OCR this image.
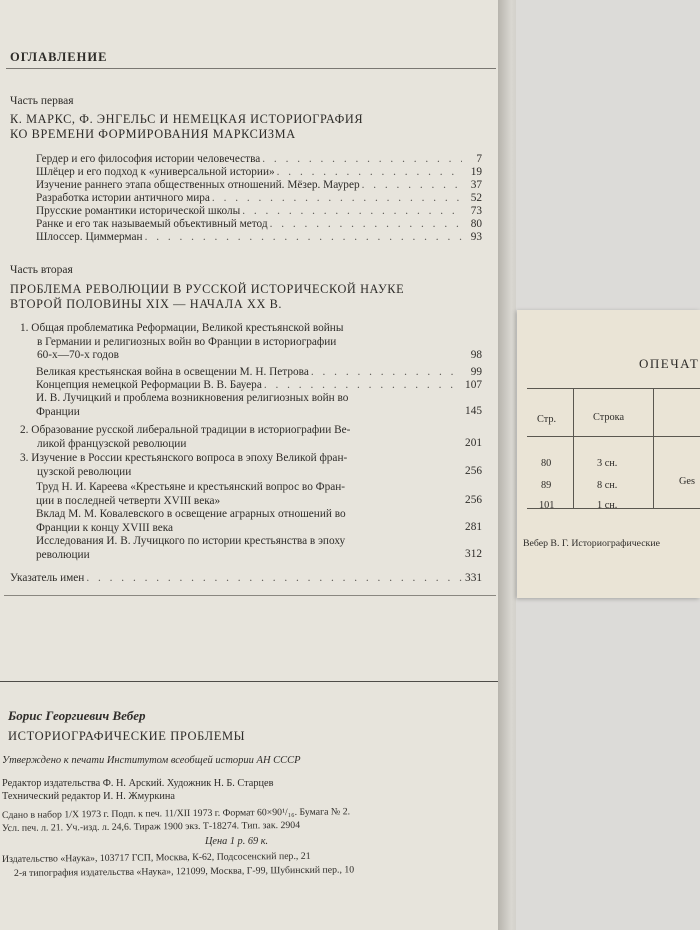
ОГЛАВЛЕНИЕ
Часть первая
К. МАРКС, Ф. ЭНГЕЛЬС И НЕМЕЦКАЯ ИСТОРИОГРАФИЯ
КО ВРЕМЕНИ ФОРМИРОВАНИЯ МАРКСИЗМА
Гердер и его философия истории человечества . . .	7
Шлёцер и его подход к «универсальной истории» . . .	19
Изучение раннего этапа общественных отношений. Мёзер. Маурер . . .	37
Разработка истории античного мира . . .	52
Прусские романтики исторической школы . . .	73
Ранке и его так называемый объективный метод . . .	80
Шлоссер. Циммерман . . .	93
Часть вторая
ПРОБЛЕМА РЕВОЛЮЦИИ В РУССКОЙ ИСТОРИЧЕСКОЙ НАУКЕ
ВТОРОЙ ПОЛОВИНЫ XIX — НАЧАЛА XX В.
1. Общая проблематика Реформации, Великой крестьянской войны
в Германии и религиозных войн во Франции в историографии
60-х—70-х годов	98
Великая крестьянская война в освещении М. Н. Петрова . . .	99
Концепция немецкой Реформации В. В. Бауера . . .	107
И. В. Лучицкий и проблема возникновения религиозных войн во
Франции	145
2. Образование русской либеральной традиции в историографии Ве-
ликой французской революции	201
3. Изучение в России крестьянского вопроса в эпоху Великой фран-
цузской революции	256
Труд Н. И. Кареева «Крестьяне и крестьянский вопрос во Фран-
ции в последней четверти XVIII века»	256
Вклад М. М. Ковалевского в освещение аграрных отношений во
Франции к концу XVIII века	281
Исследования И. В. Лучицкого по истории крестьянства в эпоху
революции	312
Указатель имен . . .	331
Борис Георгиевич Вебер
ИСТОРИОГРАФИЧЕСКИЕ ПРОБЛЕМЫ
Утверждено к печати Институтом всеобщей истории АН СССР
Редактор издательства Ф. Н. Арский. Художник Н. Б. Старцев
Технический редактор И. Н. Жмуркина
Сдано в набор 1/X 1973 г. Подп. к печ. 11/XII 1973 г. Формат 60×90¹/₁₆. Бумага № 2.
Усл. печ. л. 21. Уч.-изд. л. 24,6. Тираж 1900 экз. Т-18274. Тип. зак. 2904
Цена 1 р. 69 к.
Издательство «Наука», 103717 ГСП, Москва, К-62, Подсосенский пер., 21
2-я типография издательства «Наука», 121099, Москва, Г-99, Шубинский пер., 10
ОПЕЧАТ
Стр.	Строка
80	3 сн.
89	8 сн.
101	1 сн.
Ges
Вебер В. Г. Историографические
